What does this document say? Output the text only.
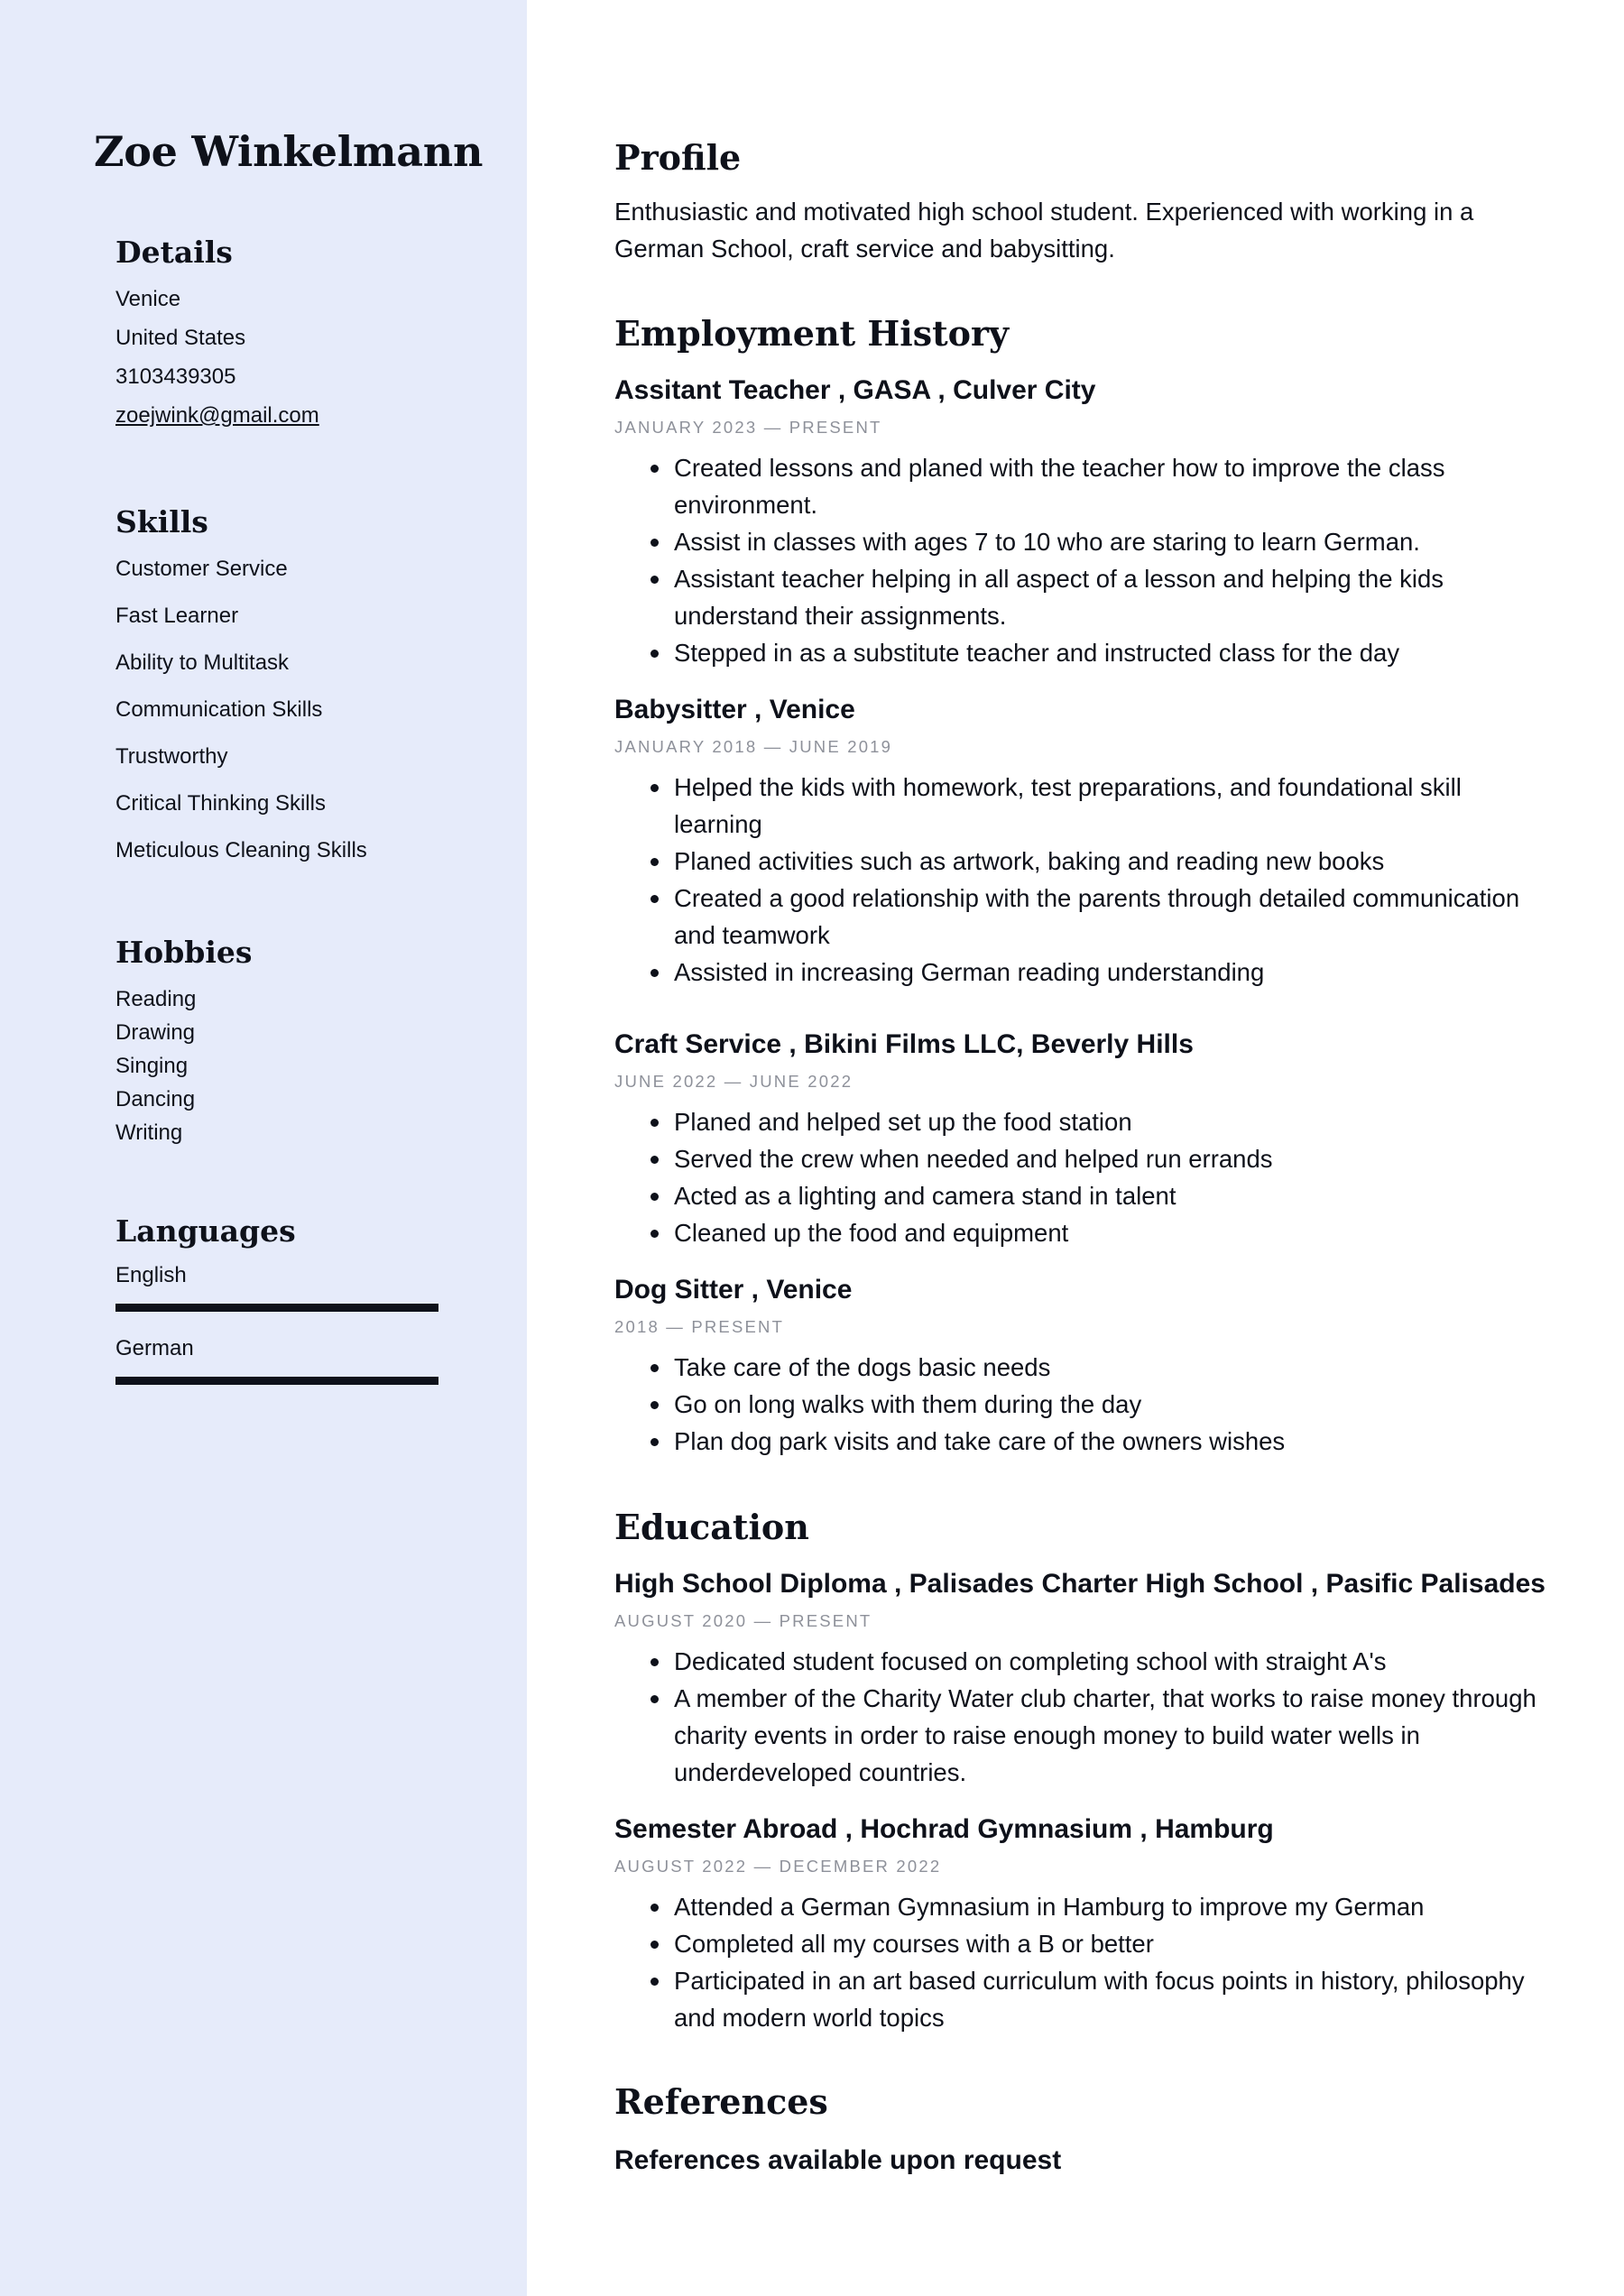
Zoe Winkelmann
Details

Venice

United States

3103439305

zoejwink@gmail.com

Skills

Customer Service

Fast Learner

Ability to Multitask

Communication Skills

Trustworthy

Critical Thinking Skills

Meticulous Cleaning Skills

Hobbies

Reading

Drawing

Singing

Dancing

Writing

Languages

English

German

Profile

Enthusiastic and motivated high school student. Experienced with working in a German School, craft service and babysitting.

Employment History

Assitant Teacher , GASA , Culver City

JANUARY 2023 — PRESENT

Created lessons and planed with the teacher how to improve the class environment.
Assist in classes with ages 7 to 10 who are staring to learn German.
Assistant teacher helping in all aspect of a lesson and helping the kids understand their assignments.
Stepped in as a substitute teacher and instructed class for the day

Babysitter , Venice

JANUARY 2018 — JUNE 2019

Helped the kids with homework, test preparations, and foundational skill learning
Planed activities such as artwork, baking and reading new books
Created a good relationship with the parents through detailed communication and teamwork
Assisted in increasing German reading understanding

Craft Service , Bikini Films LLC, Beverly Hills

JUNE 2022 — JUNE 2022

Planed and helped set up the food station
Served the crew when needed and helped run errands
Acted as a lighting and camera stand in talent
Cleaned up the food and equipment

Dog Sitter , Venice

2018 — PRESENT

Take care of the dogs basic needs
Go on long walks with them during the day
Plan dog park visits and take care of the owners wishes
Education

High School Diploma , Palisades Charter High School , Pasific Palisades

AUGUST 2020 — PRESENT

Dedicated student focused on completing school with straight A's
A member of the Charity Water club charter, that works to raise money through charity events in order to raise enough money to build water wells in underdeveloped countries.

Semester Abroad , Hochrad Gymnasium , Hamburg

AUGUST 2022 — DECEMBER 2022

Attended a German Gymnasium in Hamburg to improve my German
Completed all my courses with a B or better
Participated in an art based curriculum with focus points in history, philosophy and modern world topics
References

References available upon request
